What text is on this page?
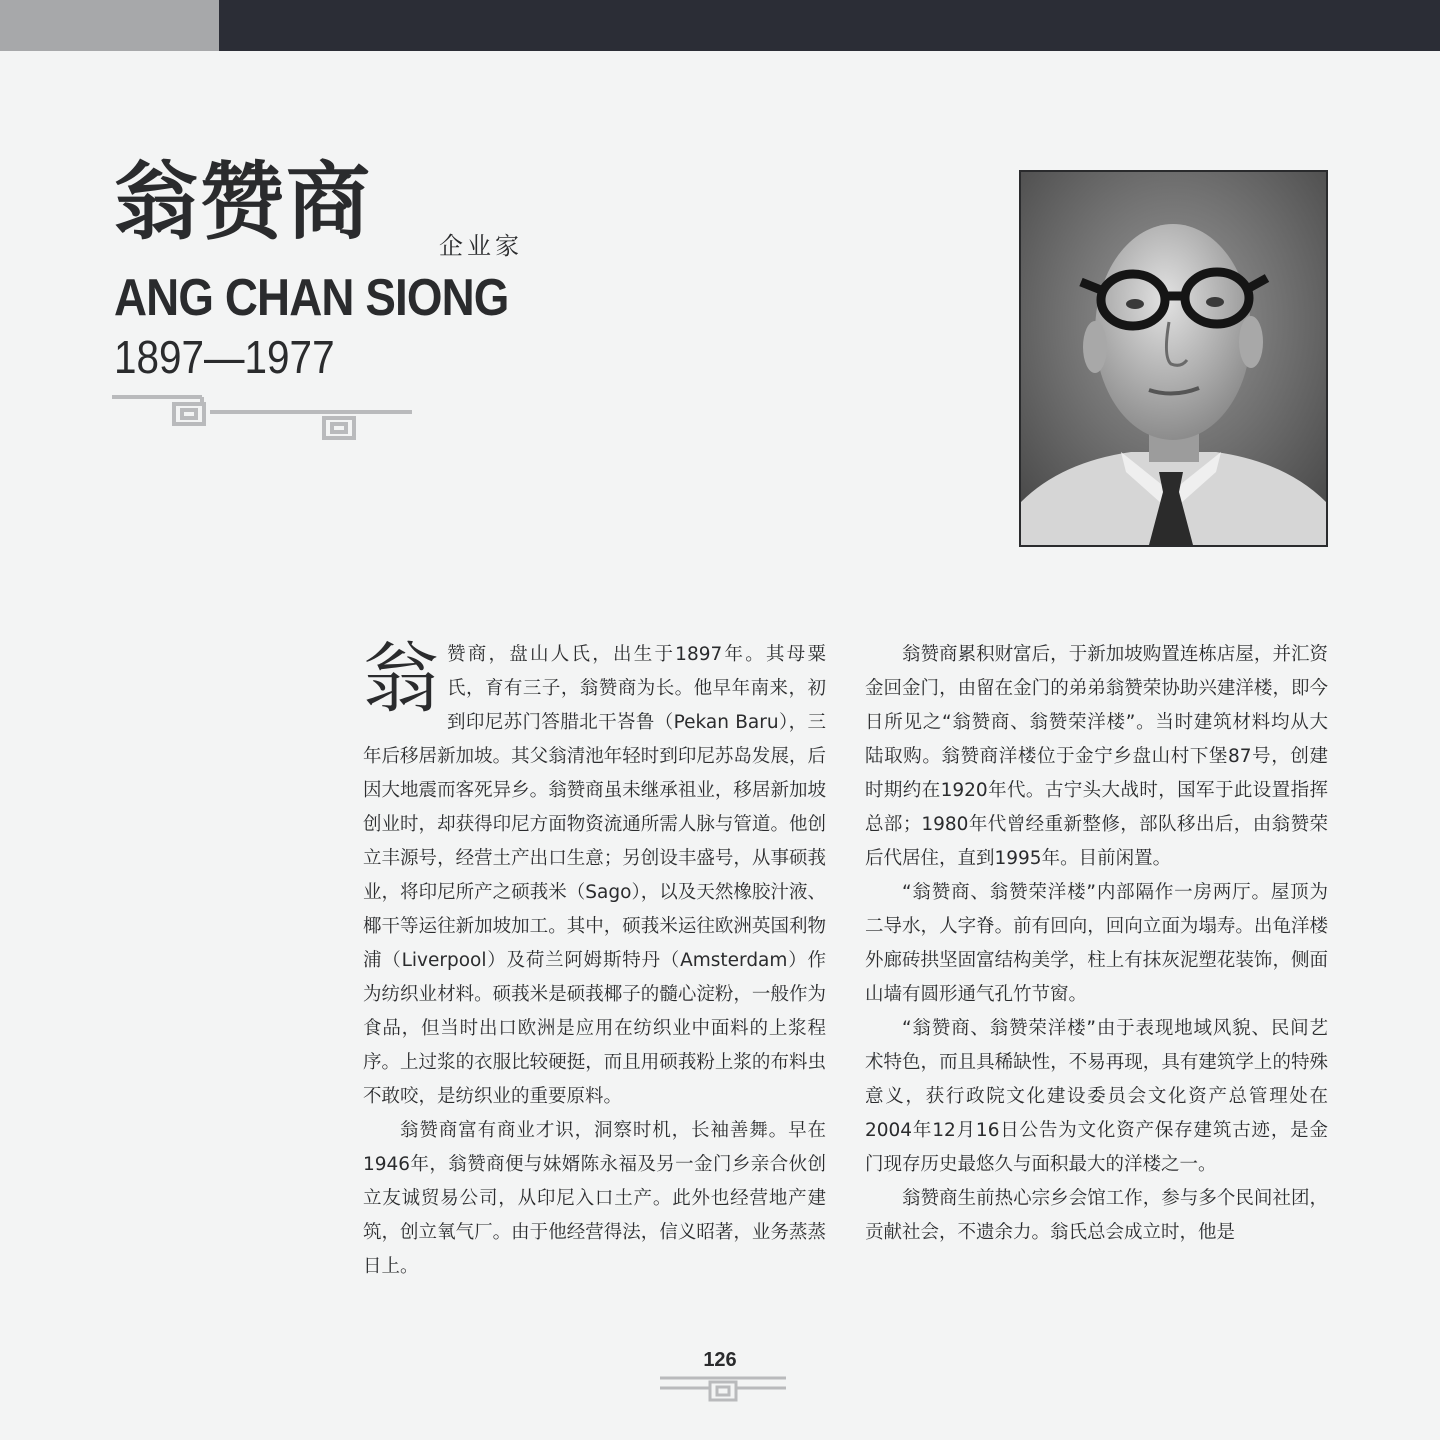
翁赞商	企业家
ANG CHAN SIONG
1897—1977
翁 赞商，盘山人氏，出生于1897年。其母粟氏，育有三子，翁赞商为长。他早年南来，初到印尼苏门答腊北干峇鲁（Pekan Baru），三年后移居新加坡。其父翁清池年轻时到印尼苏岛发展，后因大地震而客死异乡。翁赞商虽未继承祖业，移居新加坡创业时，却获得印尼方面物资流通所需人脉与管道。他创立丰源号，经营土产出口生意；另创设丰盛号，从事硕莪业，将印尼所产之硕莪米（Sago），以及天然橡胶汁液、椰干等运往新加坡加工。其中，硕莪米运往欧洲英国利物浦（Liverpool）及荷兰阿姆斯特丹（Amsterdam）作为纺织业材料。硕莪米是硕莪椰子的髓心淀粉，一般作为食品，但当时出口欧洲是应用在纺织业中面料的上浆程序。上过浆的衣服比较硬挺，而且用硕莪粉上浆的布料虫不敢咬，是纺织业的重要原料。

翁赞商富有商业才识，洞察时机，长袖善舞。早在1946年，翁赞商便与妹婿陈永福及另一金门乡亲合伙创立友诚贸易公司，从印尼入口土产。此外也经营地产建筑，创立氧气厂。由于他经营得法，信义昭著，业务蒸蒸日上。

翁赞商累积财富后，于新加坡购置连栋店屋，并汇资金回金门，由留在金门的弟弟翁赞荣协助兴建洋楼，即今日所见之“翁赞商、翁赞荣洋楼”。当时建筑材料均从大陆取购。翁赞商洋楼位于金宁乡盘山村下堡87号，创建时期约在1920年代。古宁头大战时，国军于此设置指挥总部；1980年代曾经重新整修，部队移出后，由翁赞荣后代居住，直到1995年。目前闲置。

“翁赞商、翁赞荣洋楼”内部隔作一房两厅。屋顶为二导水，人字脊。前有回向，回向立面为塌寿。出龟洋楼外廊砖拱坚固富结构美学，柱上有抹灰泥塑花装饰，侧面山墙有圆形通气孔竹节窗。

“翁赞商、翁赞荣洋楼”由于表现地域风貌、民间艺术特色，而且具稀缺性，不易再现，具有建筑学上的特殊意义，获行政院文化建设委员会文化资产总管理处在2004年12月16日公告为文化资产保存建筑古迹，是金门现存历史最悠久与面积最大的洋楼之一。

翁赞商生前热心宗乡会馆工作，参与多个民间社团，贡献社会，不遗余力。翁氏总会成立时，他是

126
